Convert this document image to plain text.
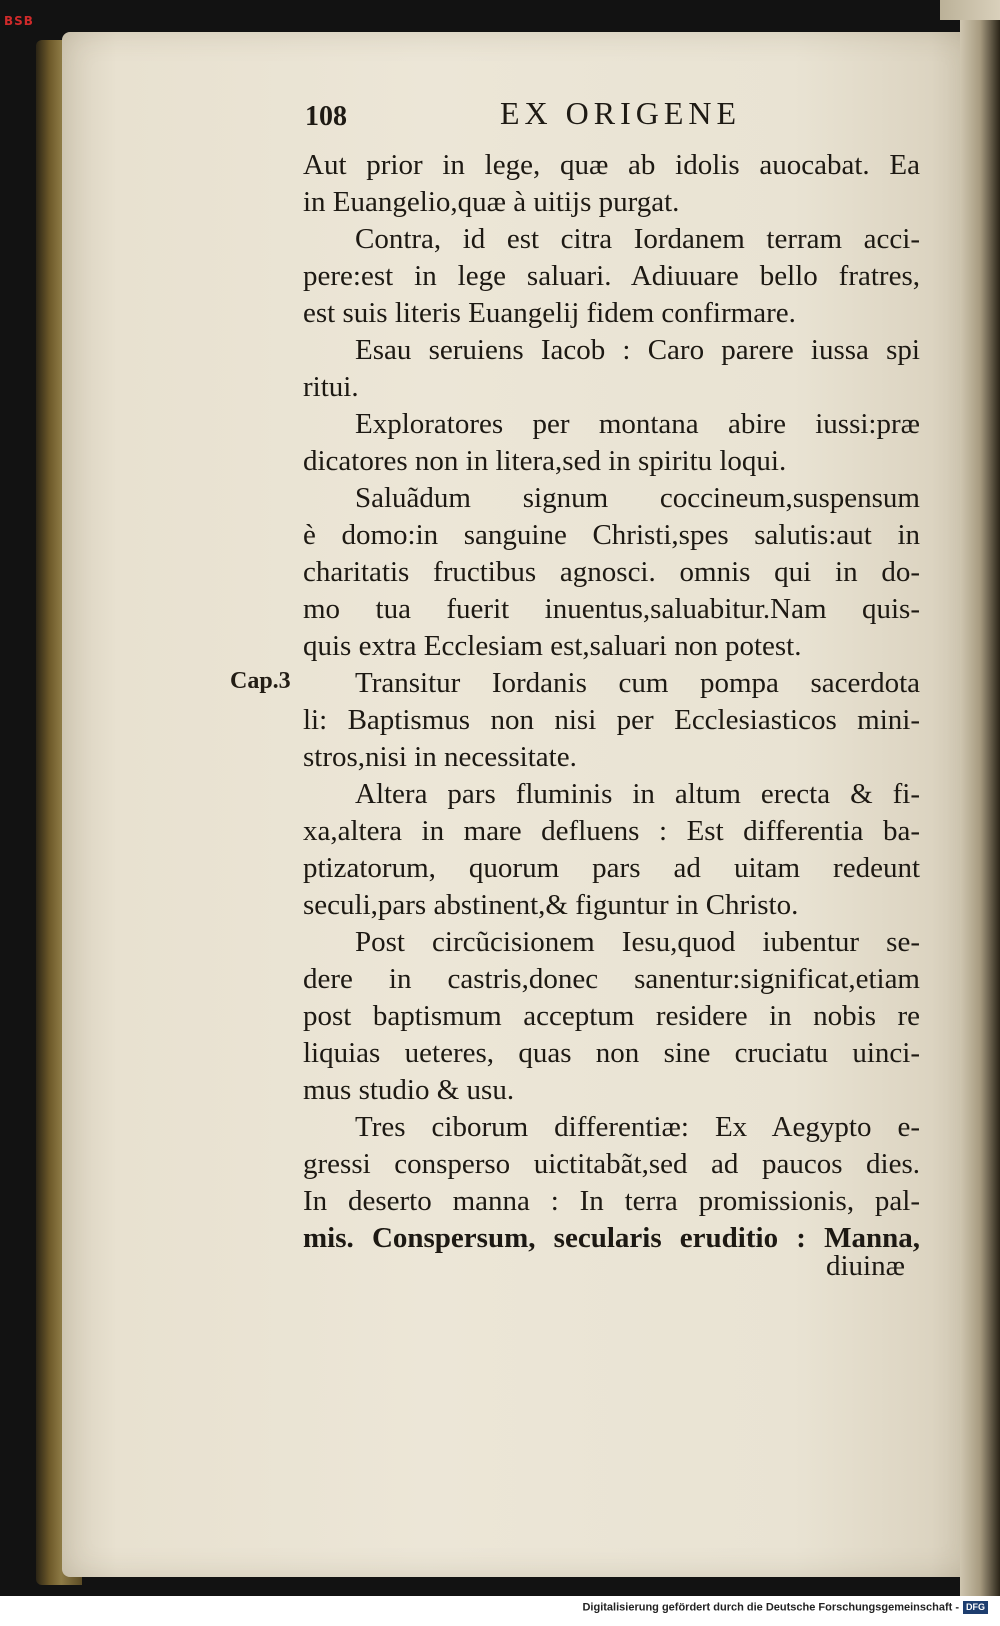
BSB
108	EX ORIGENE
Cap.3
Aut prior in lege, quæ ab idolis auocabat. Ea
in Euangelio,quæ à uitijs purgat.
Contra, id est citra Iordanem terram acci-
pere:est in lege saluari. Adiuuare bello fratres,
est suis literis Euangelij fidem confirmare.
Esau seruiens Iacob : Caro parere iussa spi
ritui.
Exploratores per montana abire iussi:præ
dicatores non in litera,sed in spiritu loqui.
Saluãdum signum coccineum,suspensum
è domo:in sanguine Christi,spes salutis:aut in
charitatis fructibus agnosci. omnis qui in do-
mo tua fuerit inuentus,saluabitur.Nam quis-
quis extra Ecclesiam est,saluari non potest.
Transitur Iordanis cum pompa sacerdota
li: Baptismus non nisi per Ecclesiasticos mini-
stros,nisi in necessitate.
Altera pars fluminis in altum erecta & fi-
xa,altera in mare defluens : Est differentia ba-
ptizatorum, quorum pars ad uitam redeunt
seculi,pars abstinent,& figuntur in Christo.
Post circũcisionem Iesu,quod iubentur se-
dere in castris,donec sanentur:significat,etiam
post baptismum acceptum residere in nobis re
liquias ueteres, quas non sine cruciatu uinci-
mus studio & usu.
Tres ciborum differentiæ: Ex Aegypto e-
gressi conspersо uictitabãt,sed ad paucos dies.
In deserto manna : In terra promissionis, pal-
mis. Conspersum, secularis eruditio : Manna,
diuinæ
Digitalisierung gefördert durch die Deutsche Forschungsgemeinschaft - DFG
